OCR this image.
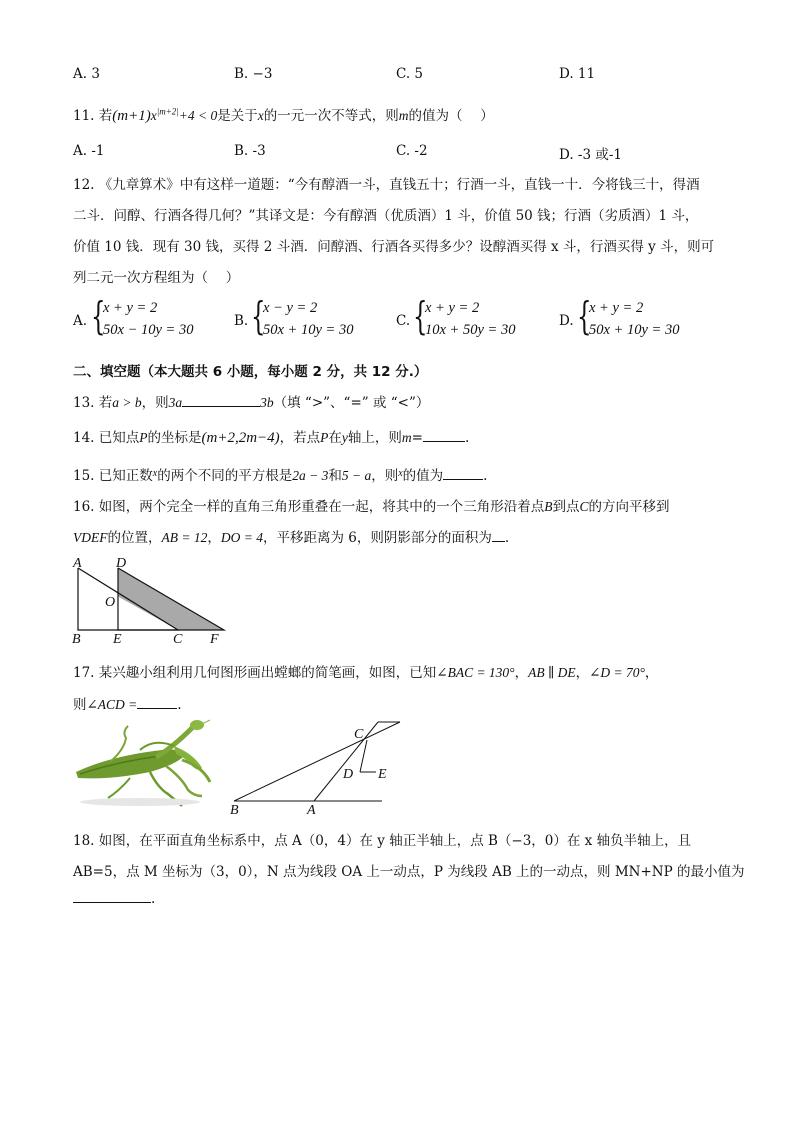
A. 3	B. −3	C. 5	D. 11
11. 若$(m+1)x^{|m+2|}+4 < 0$是关于x的一元一次不等式，则m的值为（　 ）
A. -1	B. -3	C. -2	D. -3 或-1
12. 《九章算术》中有这样一道题：“今有醇酒一斗，直钱五十；行酒一斗，直钱一十．今将钱三十，得酒
二斗．问醇、行酒各得几何？”其译文是：今有醇酒（优质酒）1 斗，价值 50 钱；行酒（劣质酒）1 斗，
价值 10 钱．现有 30 钱，买得 2 斗酒．问醇酒、行酒各买得多少？设醇酒买得 x 斗，行酒买得 y 斗，则可
列二元一次方程组为（　 ）
A. {
x + y = 2
50x − 10y = 30
B. {
x − y = 2
50x + 10y = 30
C. {
x + y = 2
10x + 50y = 30
D. {
x + y = 2
50x + 10y = 30
二、填空题（本大题共 6 小题，每小题 2 分，共 12 分.）
13. 若a > b，则3a	3b（填 “>”、“=” 或 “<”）
14. 已知点P的坐标是(m+2,2m−4)，若点P在y轴上，则m=	.
15. 已知正数$^x$的两个不同的平方根是2a − 3和5 − a，则$^x$的值为	.
16. 如图，两个完全一样的直角三角形重叠在一起，将其中的一个三角形沿着点B到点C的方向平移到
VDEF的位置，AB = 12，DO = 4，平移距离为 6，则阴影部分的面积为 .
A D
O
B E	C F
17. 某兴趣小组利用几何图形画出螳螂的简笔画，如图，已知∠BAC = 130°，AB ∥ DE，∠D = 70°，
则∠ACD =	.
C
D E
B	A
18. 如图，在平面直角坐标系中，点 A（0，4）在 y 轴正半轴上，点 B（−3，0）在 x 轴负半轴上，且
AB=5，点 M 坐标为（3，0），N 点为线段 OA 上一动点，P 为线段 AB 上的一动点，则 MN+NP 的最小值为
.
